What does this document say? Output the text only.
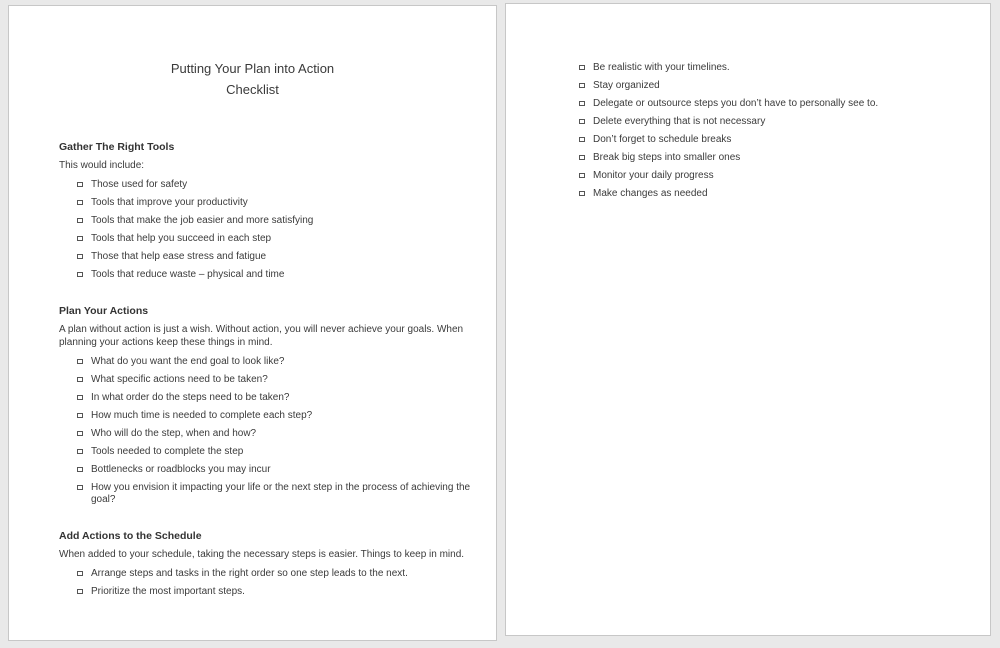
Putting Your Plan into Action
Checklist
Gather The Right Tools
This would include:
Those used for safety
Tools that improve your productivity
Tools that make the job easier and more satisfying
Tools that help you succeed in each step
Those that help ease stress and fatigue
Tools that reduce waste – physical and time
Plan Your Actions
A plan without action is just a wish. Without action, you will never achieve your goals. When planning your actions keep these things in mind.
What do you want the end goal to look like?
What specific actions need to be taken?
In what order do the steps need to be taken?
How much time is needed to complete each step?
Who will do the step, when and how?
Tools needed to complete the step
Bottlenecks or roadblocks you may incur
How you envision it impacting your life or the next step in the process of achieving the goal?
Add Actions to the Schedule
When added to your schedule, taking the necessary steps is easier. Things to keep in mind.
Arrange steps and tasks in the right order so one step leads to the next.
Prioritize the most important steps.
Be realistic with your timelines.
Stay organized
Delegate or outsource steps you don’t have to personally see to.
Delete everything that is not necessary
Don’t forget to schedule breaks
Break big steps into smaller ones
Monitor your daily progress
Make changes as needed
